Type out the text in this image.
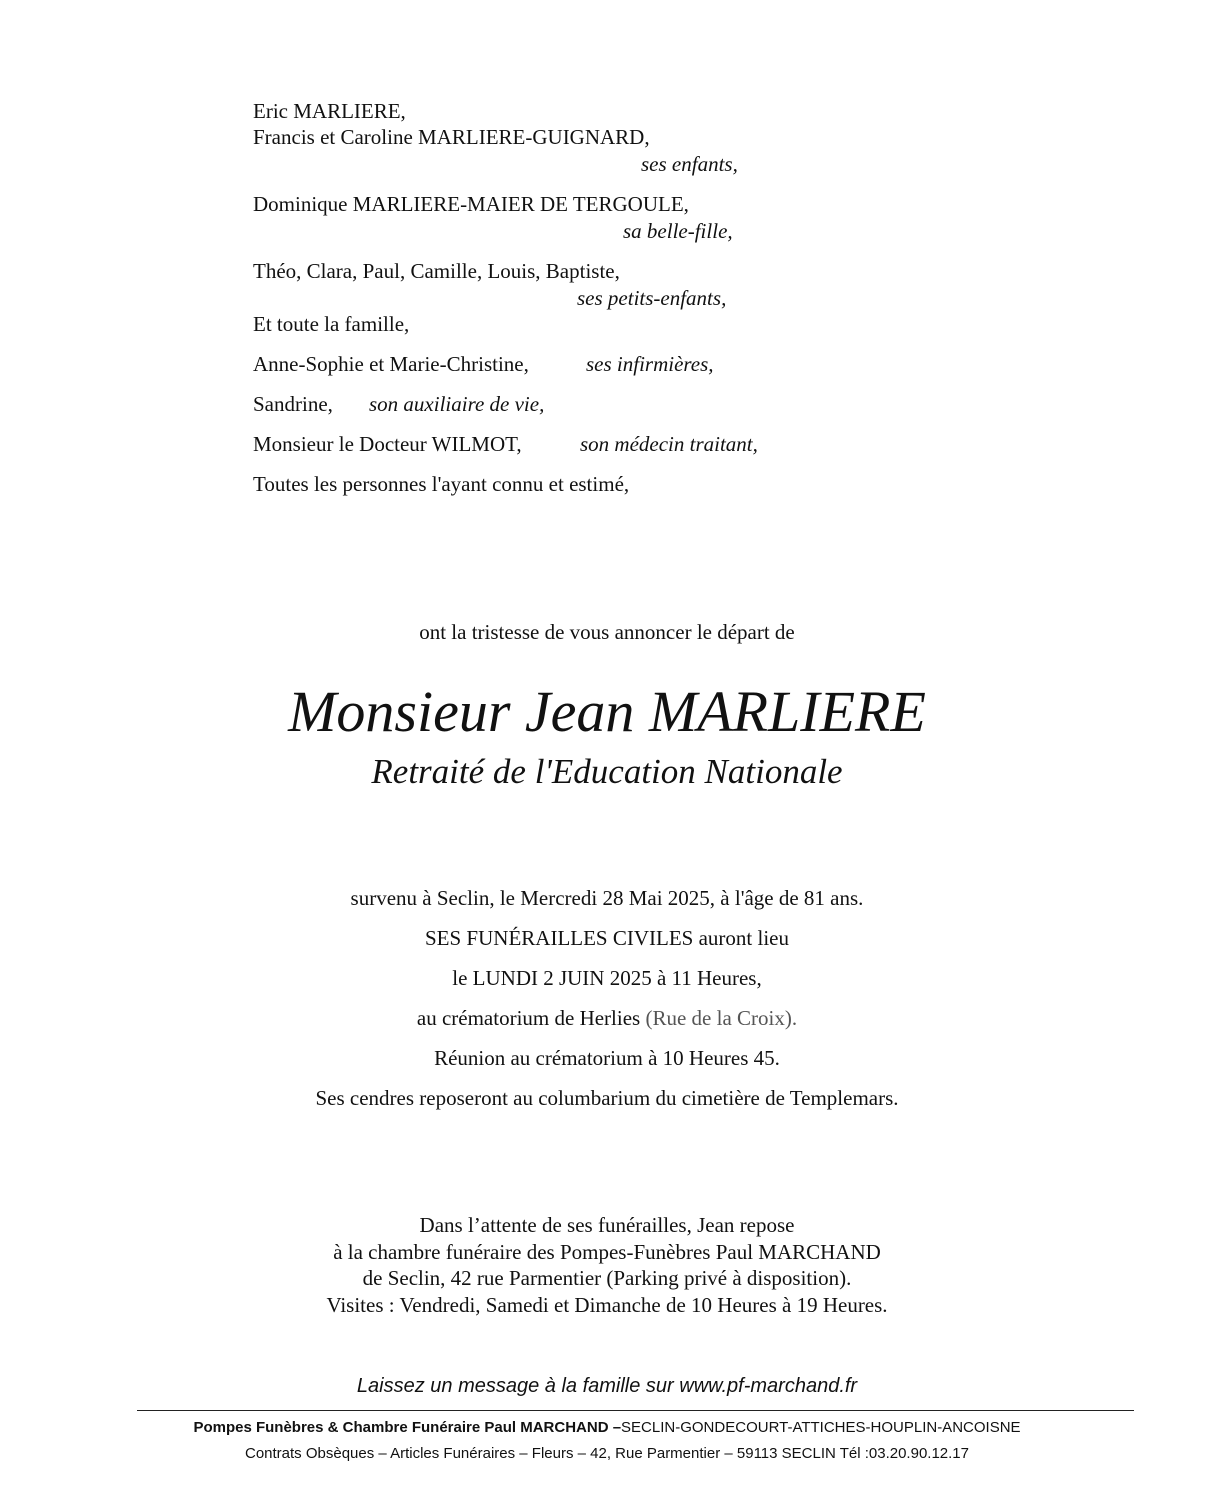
Eric MARLIERE,
Francis et Caroline MARLIERE-GUIGNARD,
ses enfants,
Dominique MARLIERE-MAIER DE TERGOULE,
sa belle-fille,
Théo, Clara, Paul, Camille, Louis, Baptiste,
ses petits-enfants,
Et toute la famille,
Anne-Sophie et Marie-Christine,	ses infirmières,
Sandrine, son auxiliaire de vie,
Monsieur le Docteur WILMOT,	son médecin traitant,
Toutes les personnes l'ayant connu et estimé,
ont la tristesse de vous annoncer le départ de
Monsieur Jean MARLIERE
Retraité de l'Education Nationale
survenu à Seclin, le Mercredi 28 Mai 2025, à l'âge de 81 ans.
SES FUNÉRAILLES CIVILES auront lieu
le LUNDI 2 JUIN 2025 à 11 Heures,
au crématorium de Herlies (Rue de la Croix).
Réunion au crématorium à 10 Heures 45.
Ses cendres reposeront au columbarium du cimetière de Templemars.
Dans l’attente de ses funérailles, Jean repose
à la chambre funéraire des Pompes-Funèbres Paul MARCHAND
de Seclin, 42 rue Parmentier (Parking privé à disposition).
Visites : Vendredi, Samedi et Dimanche de 10 Heures à 19 Heures.
Laissez un message à la famille sur www.pf-marchand.fr
Pompes Funèbres & Chambre Funéraire Paul MARCHAND –SECLIN-GONDECOURT-ATTICHES-HOUPLIN-ANCOISNE
Contrats Obsèques – Articles Funéraires – Fleurs – 42, Rue Parmentier – 59113 SECLIN Tél :03.20.90.12.17
